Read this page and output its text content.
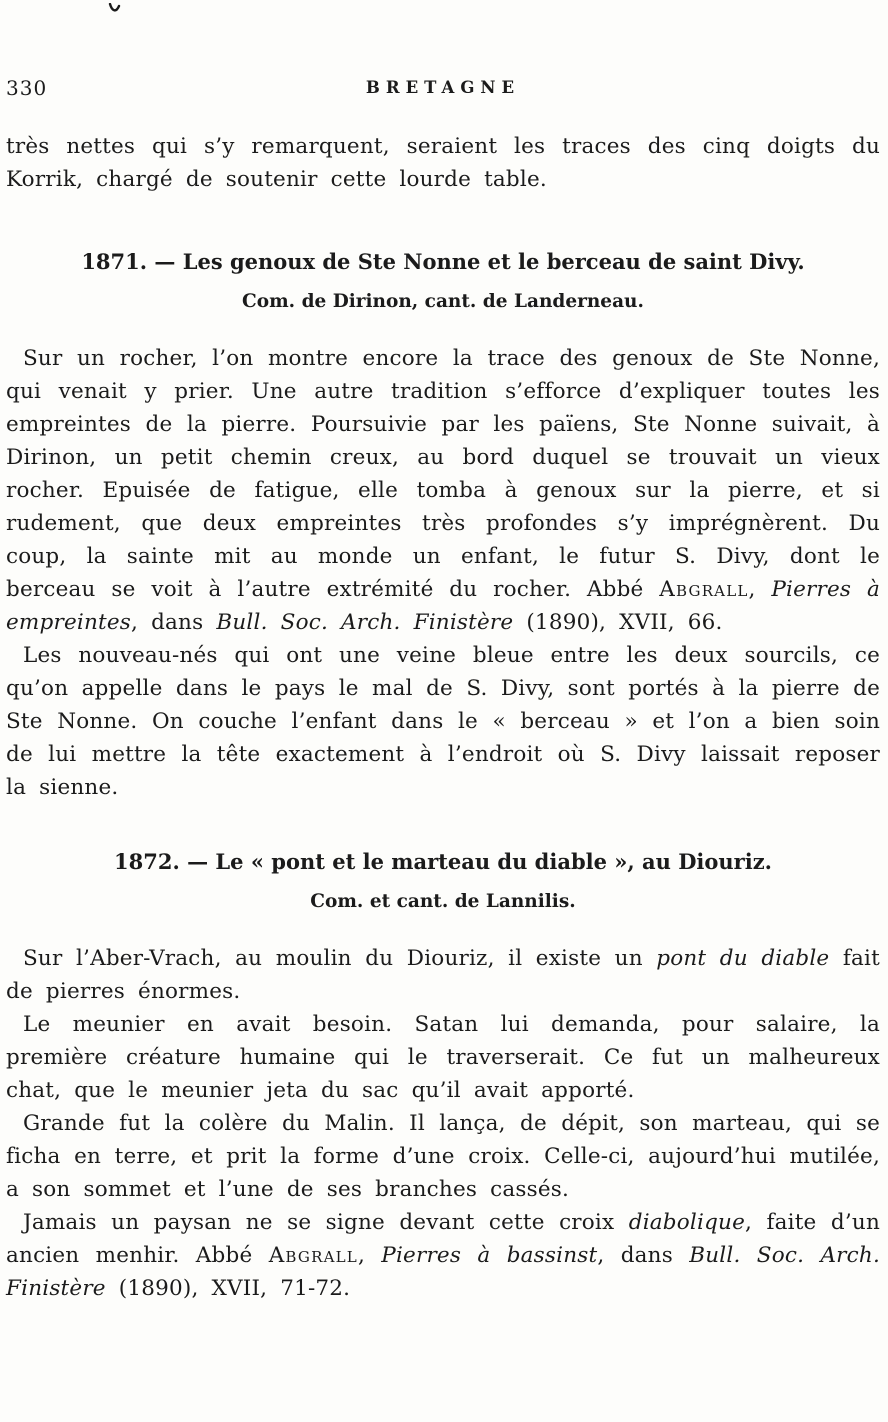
330	BRETAGNE

très nettes qui s’y remarquent, seraient les traces des cinq doigts du Korrik, chargé de soutenir cette lourde table.

1871. — Les genoux de Ste Nonne et le berceau de saint Divy.
Com. de Dirinon, cant. de Landerneau.

Sur un rocher, l’on montre encore la trace des genoux de Ste Nonne, qui venait y prier. Une autre tradition s’efforce d’expliquer toutes les empreintes de la pierre. Poursuivie par les païens, Ste Nonne suivait, à Dirinon, un petit chemin creux, au bord duquel se trouvait un vieux rocher. Epuisée de fatigue, elle tomba à genoux sur la pierre, et si rudement, que deux empreintes très profondes s’y imprégnèrent. Du coup, la sainte mit au monde un enfant, le futur S. Divy, dont le berceau se voit à l’autre extrémité du rocher. Abbé Abgrall, Pierres à empreintes, dans Bull. Soc. Arch. Finistère (1890), XVII, 66.

Les nouveau-nés qui ont une veine bleue entre les deux sourcils, ce qu’on appelle dans le pays le mal de S. Divy, sont portés à la pierre de Ste Nonne. On couche l’enfant dans le « berceau » et l’on a bien soin de lui mettre la tête exactement à l’endroit où S. Divy laissait reposer la sienne.

1872. — Le « pont et le marteau du diable », au Diouriz.
Com. et cant. de Lannilis.

Sur l’Aber-Vrach, au moulin du Diouriz, il existe un pont du diable fait de pierres énormes.

Le meunier en avait besoin. Satan lui demanda, pour salaire, la première créature humaine qui le traverserait. Ce fut un malheureux chat, que le meunier jeta du sac qu’il avait apporté.

Grande fut la colère du Malin. Il lança, de dépit, son marteau, qui se ficha en terre, et prit la forme d’une croix. Celle-ci, aujourd’hui mutilée, a son sommet et l’une de ses branches cassés.

Jamais un paysan ne se signe devant cette croix diabolique, faite d’un ancien menhir. Abbé Abgrall, Pierres à bassinst, dans Bull. Soc. Arch. Finistère (1890), XVII, 71-72.
